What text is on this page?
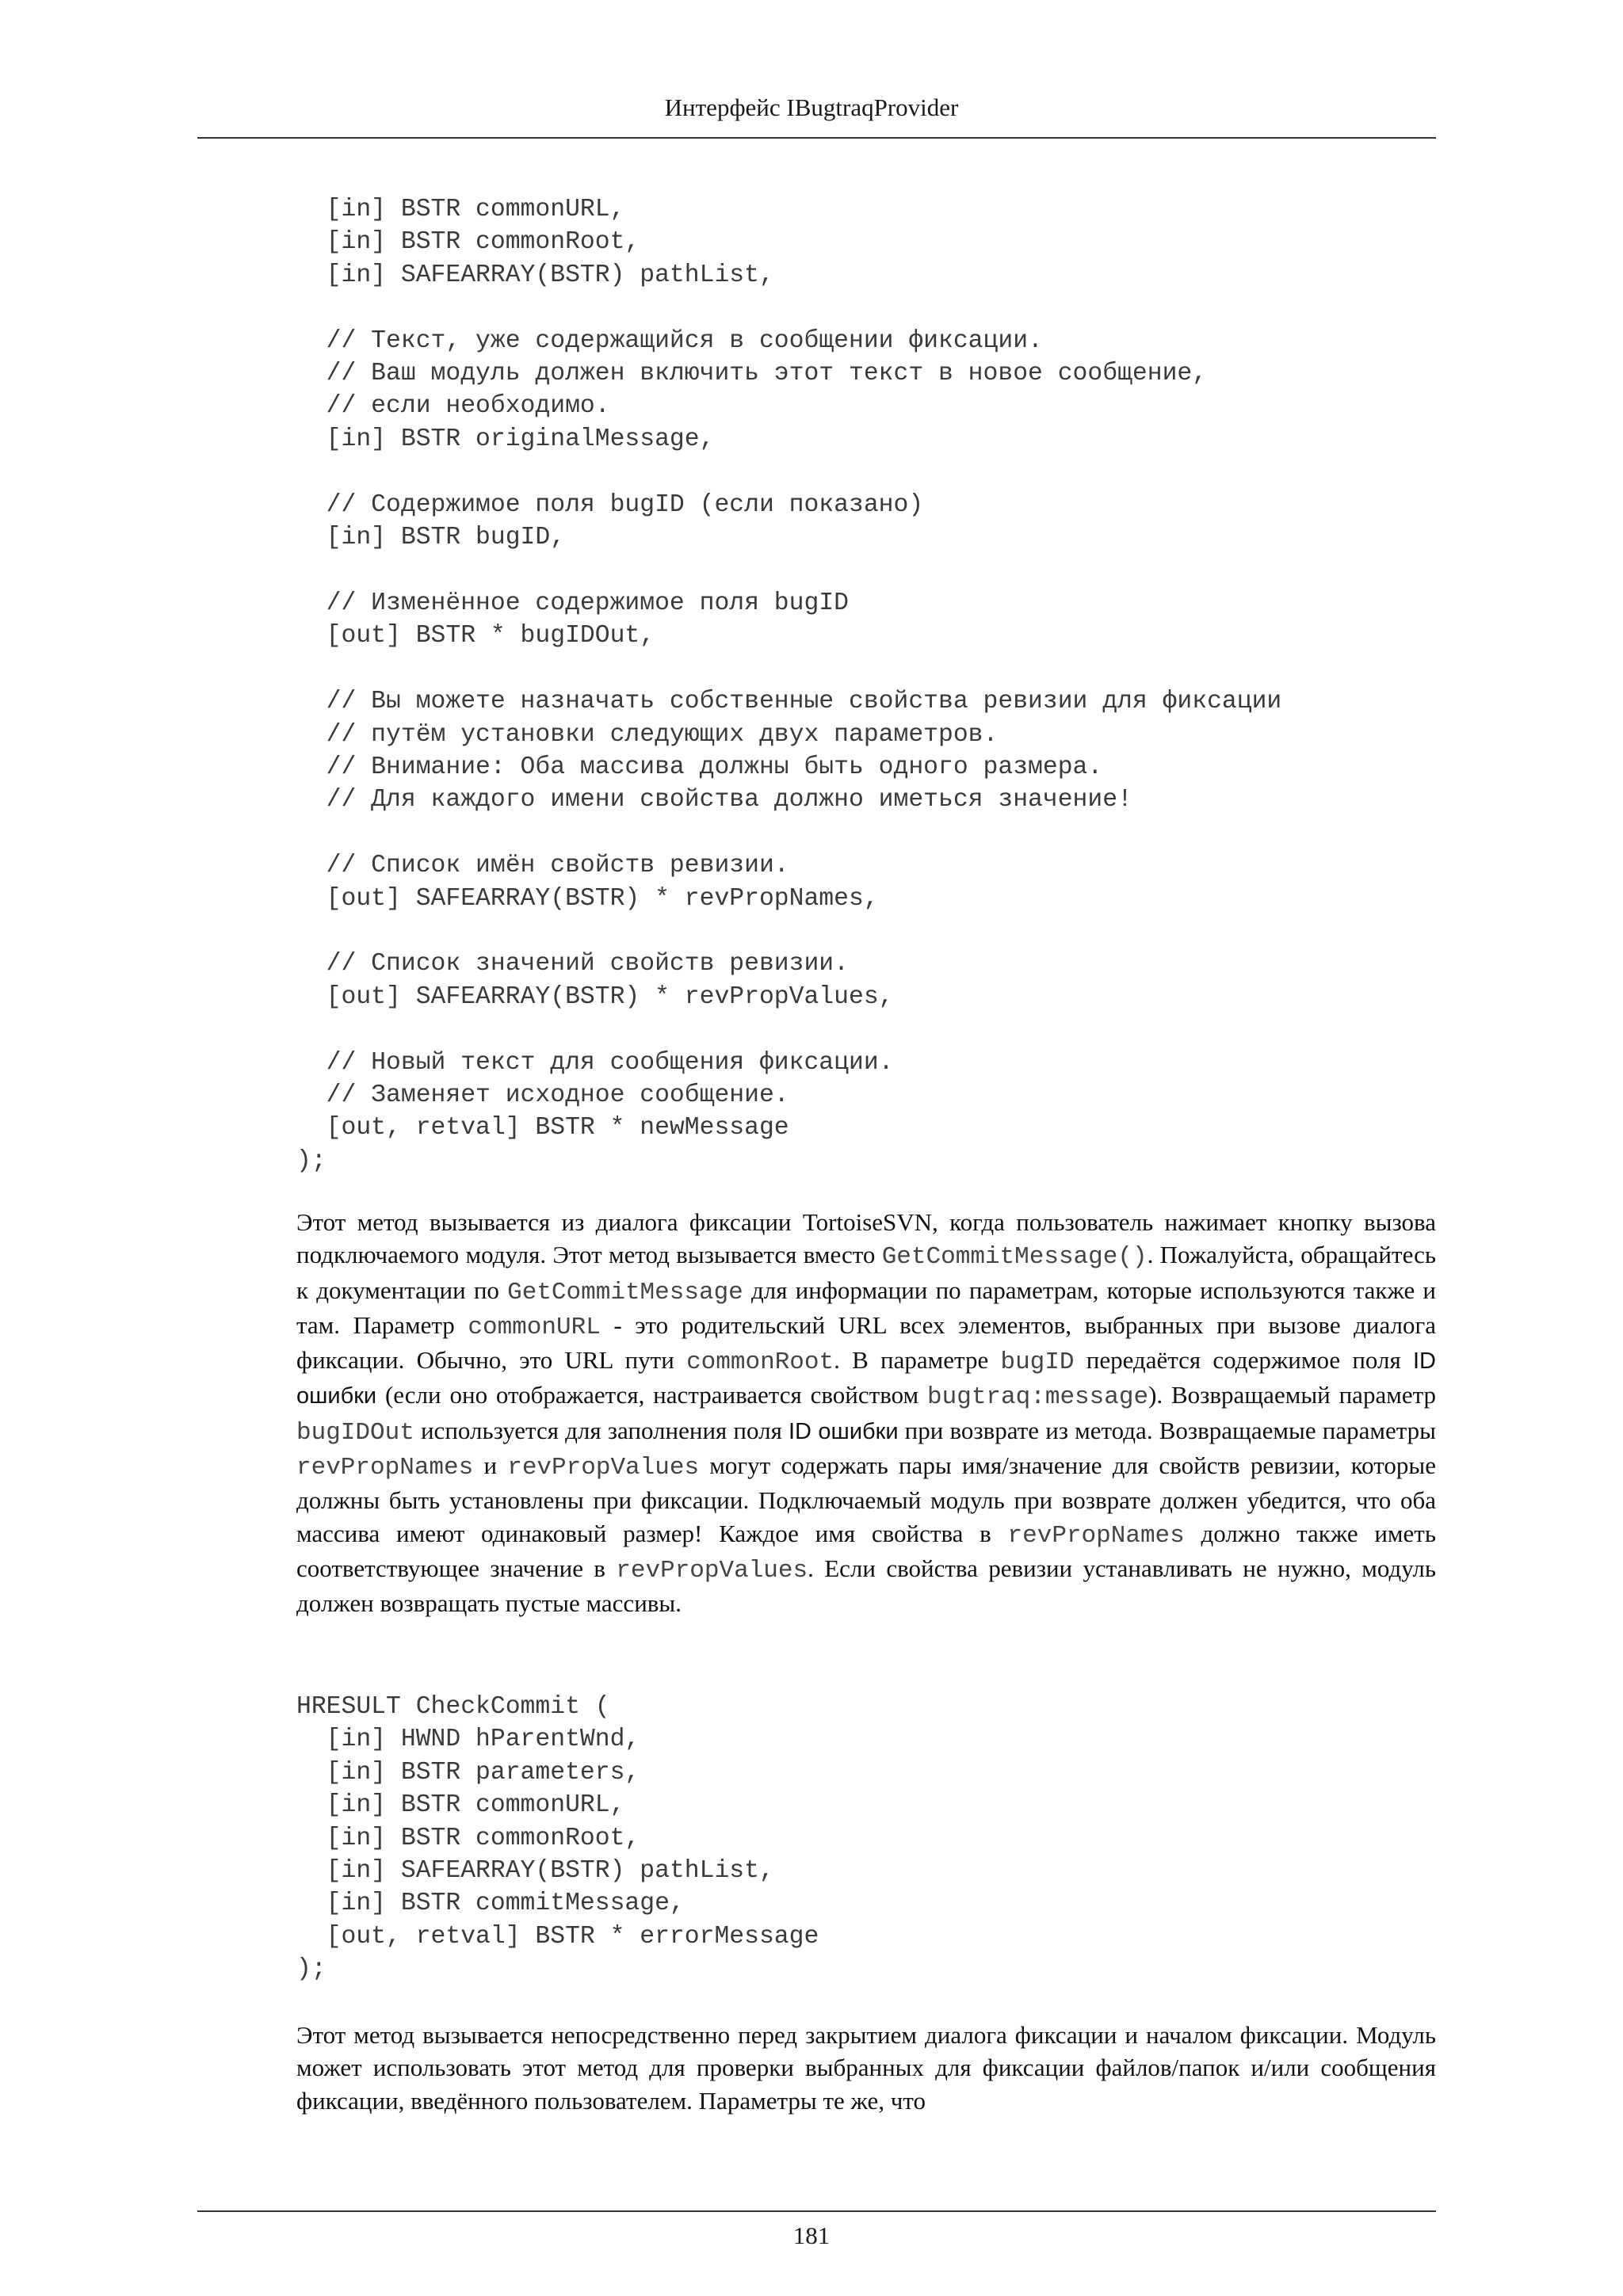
Интерфейс IBugtraqProvider
[in] BSTR commonURL,
[in] BSTR commonRoot,
[in] SAFEARRAY(BSTR) pathList,

// Текст, уже содержащийся в сообщении фиксации.
// Ваш модуль должен включить этот текст в новое сообщение,
// если необходимо.
[in] BSTR originalMessage,

// Содержимое поля bugID (если показано)
[in] BSTR bugID,

// Изменённое содержимое поля bugID
[out] BSTR * bugIDOut,

// Вы можете назначать собственные свойства ревизии для фиксации
// путём установки следующих двух параметров.
// Внимание: Оба массива должны быть одного размера.
// Для каждого имени свойства должно иметься значение!

// Список имён свойств ревизии.
[out] SAFEARRAY(BSTR) * revPropNames,

// Список значений свойств ревизии.
[out] SAFEARRAY(BSTR) * revPropValues,

// Новый текст для сообщения фиксации.
// Заменяет исходное сообщение.
[out, retval] BSTR * newMessage
);

Этот метод вызывается из диалога фиксации TortoiseSVN, когда пользователь нажимает кнопку вызова подключаемого модуля. Этот метод вызывается вместо GetCommitMessage(). Пожалуйста, обращайтесь к документации по GetCommitMessage для информации по параметрам, которые используются также и там. Параметр commonURL - это родительский URL всех элементов, выбранных при вызове диалога фиксации. Обычно, это URL пути commonRoot. В параметре bugID передаётся содержимое поля ID ошибки (если оно отображается, настраивается свойством bugtraq:message). Возвращаемый параметр bugIDOut используется для заполнения поля ID ошибки при возврате из метода. Возвращаемые параметры revPropNames и revPropValues могут содержать пары имя/значение для свойств ревизии, которые должны быть установлены при фиксации. Подключаемый модуль при возврате должен убедится, что оба массива имеют одинаковый размер! Каждое имя свойства в revPropNames должно также иметь соответствующее значение в revPropValues. Если свойства ревизии устанавливать не нужно, модуль должен возвращать пустые массивы.

HRESULT CheckCommit (
[in] HWND hParentWnd,
[in] BSTR parameters,
[in] BSTR commonURL,
[in] BSTR commonRoot,
[in] SAFEARRAY(BSTR) pathList,
[in] BSTR commitMessage,
[out, retval] BSTR * errorMessage
);

Этот метод вызывается непосредственно перед закрытием диалога фиксации и началом фиксации. Модуль может использовать этот метод для проверки выбранных для фиксации файлов/папок и/или сообщения фиксации, введённого пользователем. Параметры те же, что

181
